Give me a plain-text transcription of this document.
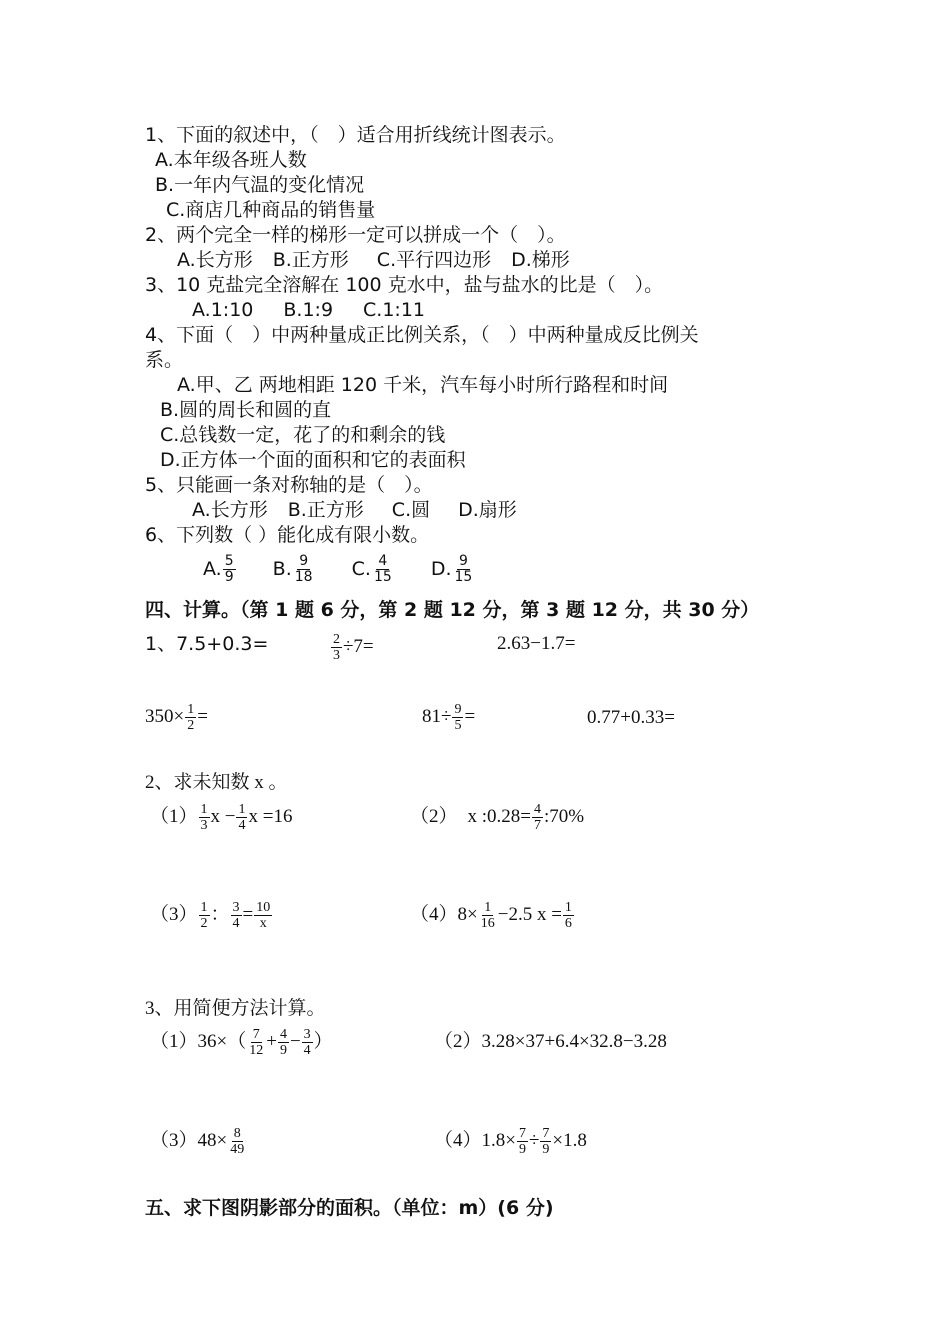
1、下面的叙述中，（　）适合用折线统计图表示。
A.本年级各班人数
B.一年内气温的变化情况
C.商店几种商品的销售量
2、两个完全一样的梯形一定可以拼成一个（　）。
A.长方形 B.正方形 C.平行四边形 D.梯形
3、10 克盐完全溶解在 100 克水中，盐与盐水的比是（　）。
A.1:10 B.1:9 C.1:11
4、下面（　）中两种量成正比例关系，（　）中两种量成反比例关
系。
A.甲、乙 两地相距 120 千米，汽车每小时所行路程和时间
B.圆的周长和圆的直
C.总钱数一定，花了的和剩余的钱
D.正方体一个面的面积和它的表面积
5、只能画一条对称轴的是（　）。
A.长方形 B.正方形 C.圆 D.扇形
6、下列数（ ）能化成有限小数。
A. $\frac{5}{9} B$. $\frac{9}{18} C$. $\frac{4}{15} D$. $\frac{9}{15}$
四、计算。（第 1 题 6 分，第 2 题 12 分，第 3 题 12 分，共 30 分）
1、7.5+0.3=	$\frac{2}{3} \div 7=$	2.63−1.7=
$350\times \frac{1}{2}$ =	$81\div \frac{9}{5}$ =	0.77+0.33=
2、求未知数 x 。
$(1) \frac{1}{3}$ $x - \frac{1}{4}$ x =16	（2） x :0.28= $\frac{4}{7}$ :70%
$(3) \frac{1}{2}$ ： $\frac{3}{4} = \frac{10}{x}$	$(4)8\times \frac{1}{16} -2.5$ $x = \frac{1}{6}$
3、用简便方法计算。
$(1)36\times( \frac{7}{12} + \frac{4}{9} - \frac{3}{4}$ ）	（2）3.28×37+6.4×32.8−3.28
$(3)48\times \frac{8}{49}$	$(4)1.8\times \frac{7}{9} \div \frac{7}{9} \times 1.8$
五、求下图阴影部分的面积。（单位：m）(6 分)
